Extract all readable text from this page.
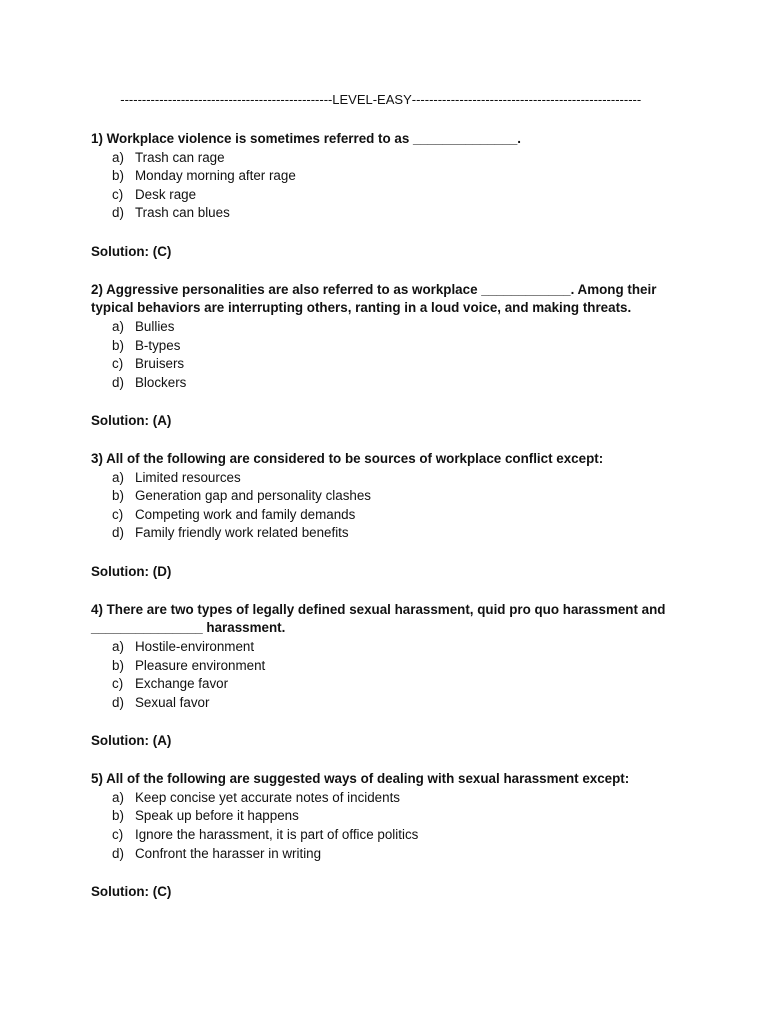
-------------------------------------------------LEVEL-EASY-----------------------------------------------------

1) Workplace violence is sometimes referred to as ______________.

a) Trash can rage
b) Monday morning after rage
c) Desk rage
d) Trash can blues

Solution: (C)

2) Aggressive personalities are also referred to as workplace ____________. Among their typical behaviors are interrupting others, ranting in a loud voice, and making threats.

a) Bullies
b) B-types
c) Bruisers
d) Blockers

Solution: (A)

3) All of the following are considered to be sources of workplace conflict except:

a) Limited resources
b) Generation gap and personality clashes
c) Competing work and family demands
d) Family friendly work related benefits

Solution: (D)

4) There are two types of legally defined sexual harassment, quid pro quo harassment and _______________ harassment.

a) Hostile-environment
b) Pleasure environment
c) Exchange favor
d) Sexual favor

Solution: (A)

5) All of the following are suggested ways of dealing with sexual harassment except:

a) Keep concise yet accurate notes of incidents
b) Speak up before it happens
c) Ignore the harassment, it is part of office politics
d) Confront the harasser in writing

Solution: (C)
